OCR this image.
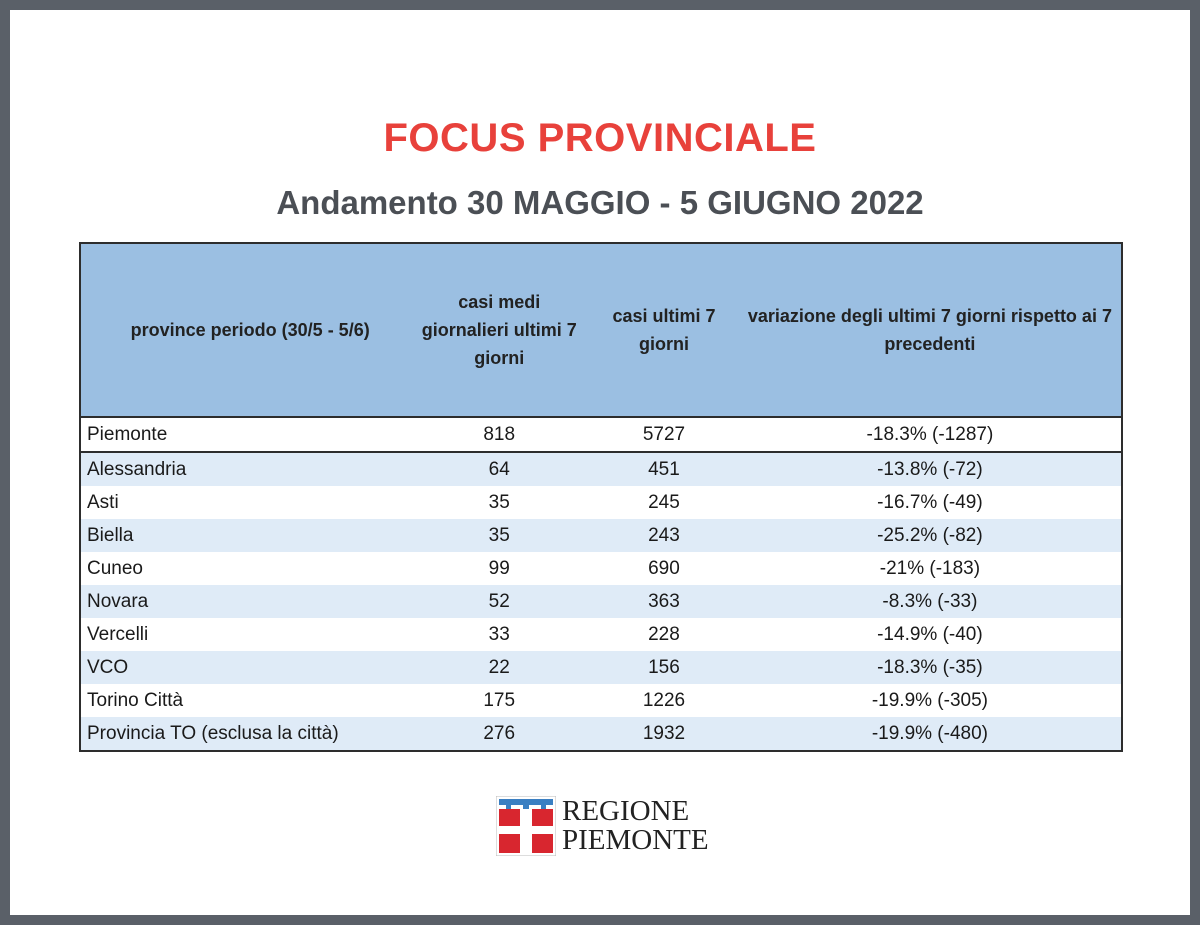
FOCUS PROVINCIALE
Andamento 30 MAGGIO - 5 GIUGNO 2022
province periodo (30/5 - 5/6)	casi medi giornalieri ultimi 7 giorni	casi ultimi 7 giorni	variazione degli ultimi 7 giorni rispetto ai 7 precedenti
Piemonte	818	5727	-18.3% (-1287)
Alessandria	64	451	-13.8% (-72)
Asti	35	245	-16.7% (-49)
Biella	35	243	-25.2% (-82)
Cuneo	99	690	-21% (-183)
Novara	52	363	-8.3% (-33)
Vercelli	33	228	-14.9% (-40)
VCO	22	156	-18.3% (-35)
Torino Città	175	1226	-19.9% (-305)
Provincia TO (esclusa la città)	276	1932	-19.9% (-480)
REGIONE
PIEMONTE
